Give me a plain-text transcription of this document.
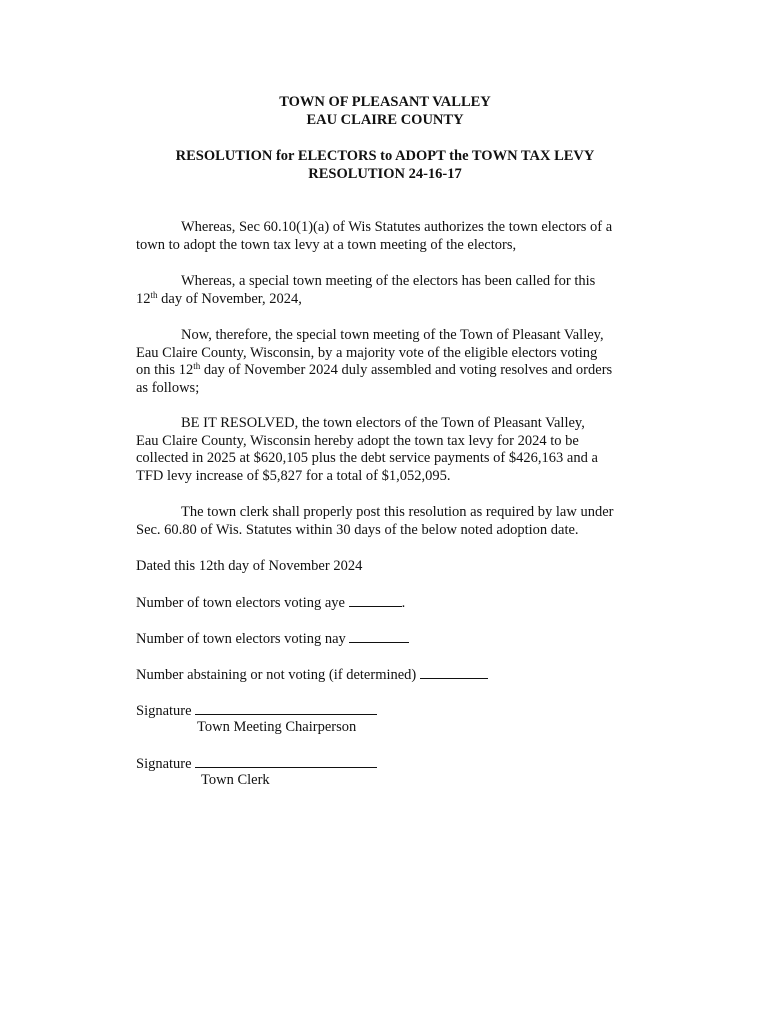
TOWN OF PLEASANT VALLEY
EAU CLAIRE COUNTY
RESOLUTION for ELECTORS to ADOPT the TOWN TAX LEVY
RESOLUTION 24-16-17
Whereas, Sec 60.10(1)(a) of Wis Statutes authorizes the town electors of a
town to adopt the town tax levy at a town meeting of the electors,
Whereas, a special town meeting of the electors has been called for this
12th day of November, 2024,
Now, therefore, the special town meeting of the Town of Pleasant Valley,
Eau Claire County, Wisconsin, by a majority vote of the eligible electors voting
on this 12th day of November 2024 duly assembled and voting resolves and orders
as follows;
BE IT RESOLVED, the town electors of the Town of Pleasant Valley,
Eau Claire County, Wisconsin hereby adopt the town tax levy for 2024 to be
collected in 2025 at $620,105 plus the debt service payments of $426,163 and a
TFD levy increase of $5,827 for a total of $1,052,095.
The town clerk shall properly post this resolution as required by law under
Sec. 60.80 of Wis. Statutes within 30 days of the below noted adoption date.
Dated this 12th day of November 2024
Number of town electors voting aye	.
Number of town electors voting nay
Number abstaining or not voting (if determined)
Signature
Town Meeting Chairperson
Signature
Town Clerk
